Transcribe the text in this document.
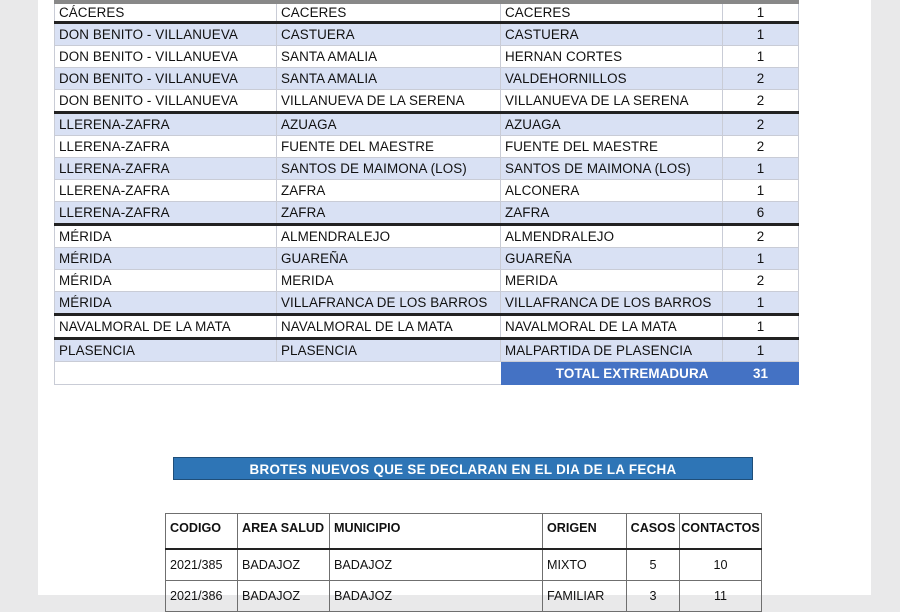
CÁCERES	CACERES	CACERES	1
DON BENITO - VILLANUEVA	CASTUERA	CASTUERA	1
DON BENITO - VILLANUEVA	SANTA AMALIA	HERNAN CORTES	1
DON BENITO - VILLANUEVA	SANTA AMALIA	VALDEHORNILLOS	2
DON BENITO - VILLANUEVA	VILLANUEVA DE LA SERENA	VILLANUEVA DE LA SERENA	2
LLERENA-ZAFRA	AZUAGA	AZUAGA	2
LLERENA-ZAFRA	FUENTE DEL MAESTRE	FUENTE DEL MAESTRE	2
LLERENA-ZAFRA	SANTOS DE MAIMONA (LOS)	SANTOS DE MAIMONA (LOS)	1
LLERENA-ZAFRA	ZAFRA	ALCONERA	1
LLERENA-ZAFRA	ZAFRA	ZAFRA	6
MÉRIDA	ALMENDRALEJO	ALMENDRALEJO	2
MÉRIDA	GUAREÑA	GUAREÑA	1
MÉRIDA	MERIDA	MERIDA	2
MÉRIDA	VILLAFRANCA DE LOS BARROS	VILLAFRANCA DE LOS BARROS	1
NAVALMORAL DE LA MATA	NAVALMORAL DE LA MATA	NAVALMORAL DE LA MATA	1
PLASENCIA	PLASENCIA	MALPARTIDA DE PLASENCIA	1
		TOTAL EXTREMADURA	31
BROTES NUEVOS QUE SE DECLARAN EN EL DIA DE LA FECHA
CODIGO	AREA SALUD	MUNICIPIO	ORIGEN	CASOS	CONTACTOS
2021/385	BADAJOZ	BADAJOZ	MIXTO	5	10
2021/386	BADAJOZ	BADAJOZ	FAMILIAR	3	11
